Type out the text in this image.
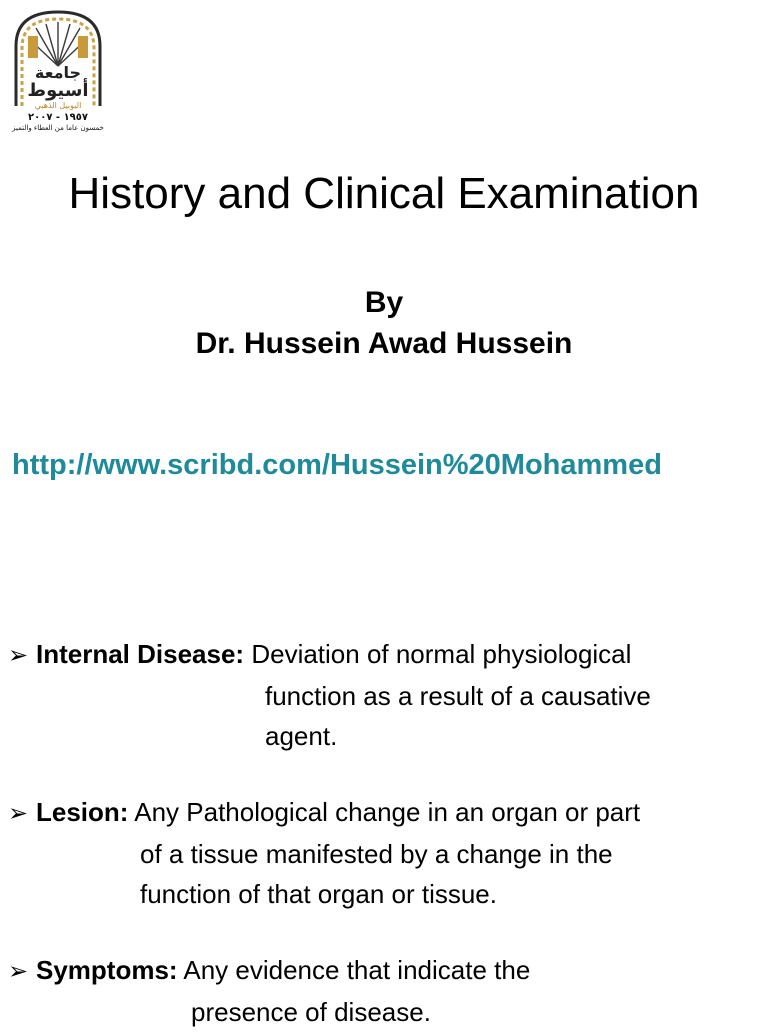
جامعة
أسيوط
اليوبيل الذهبي
١٩٥٧ - ٢٠٠٧
خمسون عاما من العطاء والتميز
History and Clinical Examination
By
Dr. Hussein Awad Hussein
http://www.scribd.com/Hussein%20Mohammed
➢ Internal Disease: Deviation of normal physiological
function as a result of a causative
agent.
➢ Lesion: Any Pathological change in an organ or part
of a tissue manifested by a change in the
function of that organ or tissue.
➢ Symptoms: Any evidence that indicate the
presence of disease.
